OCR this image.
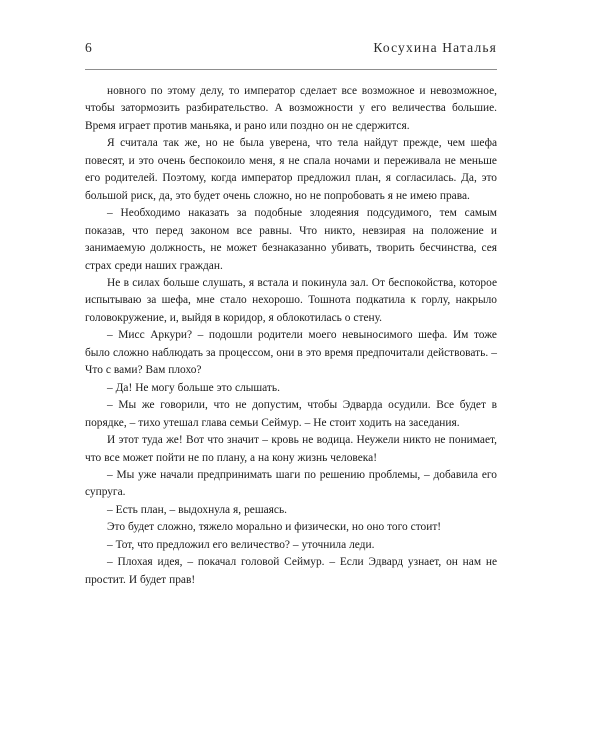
6	Косухина Наталья

новного по этому делу, то император сделает все возможное и невозможное, чтобы затормозить разбирательство. А возможности у его величества большие. Время играет против маньяка, и рано или поздно он не сдержится.

Я считала так же, но не была уверена, что тела найдут прежде, чем шефа повесят, и это очень беспокоило меня, я не спала ночами и переживала не меньше его родителей. Поэтому, когда император предложил план, я согласилась. Да, это большой риск, да, это будет очень сложно, но не попробовать я не имею права.

– Необходимо наказать за подобные злодеяния подсудимого, тем самым показав, что перед законом все равны. Что никто, невзирая на положение и занимаемую должность, не может безнаказанно убивать, творить бесчинства, сея страх среди наших граждан.

Не в силах больше слушать, я встала и покинула зал. От беспокойства, которое испытываю за шефа, мне стало нехорошо. Тошнота подкатила к горлу, накрыло головокружение, и, выйдя в коридор, я облокотилась о стену.

– Мисс Аркури? – подошли родители моего невыносимого шефа. Им тоже было сложно наблюдать за процессом, они в это время предпочитали действовать. – Что с вами? Вам плохо?

– Да! Не могу больше это слышать.

– Мы же говорили, что не допустим, чтобы Эдварда осудили. Все будет в порядке, – тихо утешал глава семьи Сеймур. – Не стоит ходить на заседания.

И этот туда же! Вот что значит – кровь не водица. Неужели никто не понимает, что все может пойти не по плану, а на кону жизнь человека!

– Мы уже начали предпринимать шаги по решению проблемы, – добавила его супруга.

– Есть план, – выдохнула я, решаясь.

Это будет сложно, тяжело морально и физически, но оно того стоит!

– Тот, что предложил его величество? – уточнила леди.

– Плохая идея, – покачал головой Сеймур. – Если Эдвард узнает, он нам не простит. И будет прав!
